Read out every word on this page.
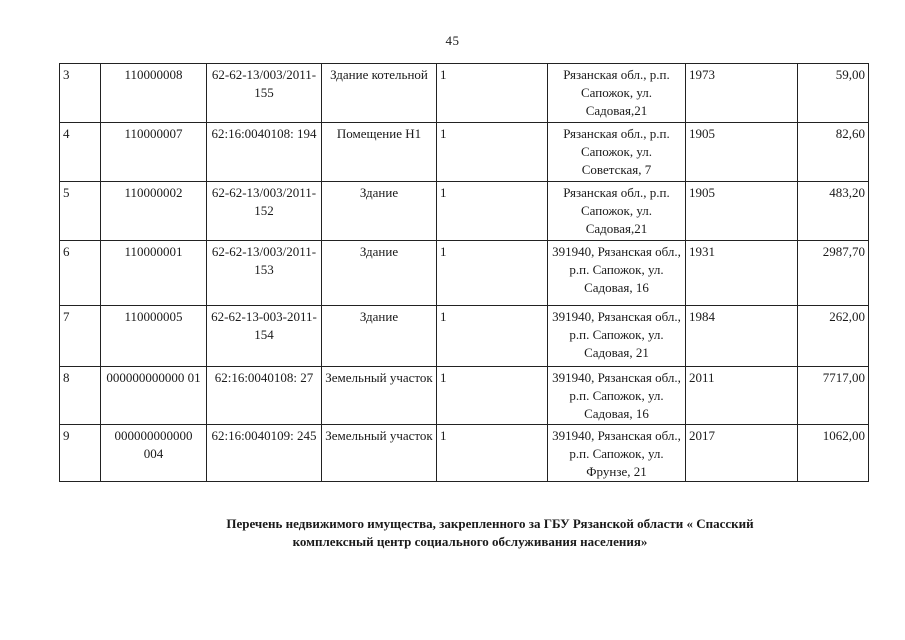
45
3	110000008	62-62-13/003/2011-155	Здание котельной	1	Рязанская обл., р.п. Сапожок, ул. Садовая,21	1973	59,00
4	110000007	62:16:0040108: 194	Помещение Н1	1	Рязанская обл., р.п. Сапожок, ул. Советская, 7	1905	82,60
5	110000002	62-62-13/003/2011-152	Здание	1	Рязанская обл., р.п. Сапожок, ул. Садовая,21	1905	483,20
6	110000001	62-62-13/003/2011-153	Здание	1	391940, Рязанская обл., р.п. Сапожок, ул. Садовая, 16	1931	2987,70
7	110000005	62-62-13-003-2011-154	Здание	1	391940, Рязанская обл., р.п. Сапожок, ул. Садовая, 21	1984	262,00
8	000000000000 01	62:16:0040108: 27	Земельный участок	1	391940, Рязанская обл., р.п. Сапожок, ул. Садовая, 16	2011	7717,00
9	000000000000 004	62:16:0040109: 245	Земельный участок	1	391940, Рязанская обл., р.п. Сапожок, ул. Фрунзе, 21	2017	1062,00
Перечень недвижимого имущества, закрепленного за ГБУ Рязанской области « Спасский
комплексный центр социального обслуживания населения»
